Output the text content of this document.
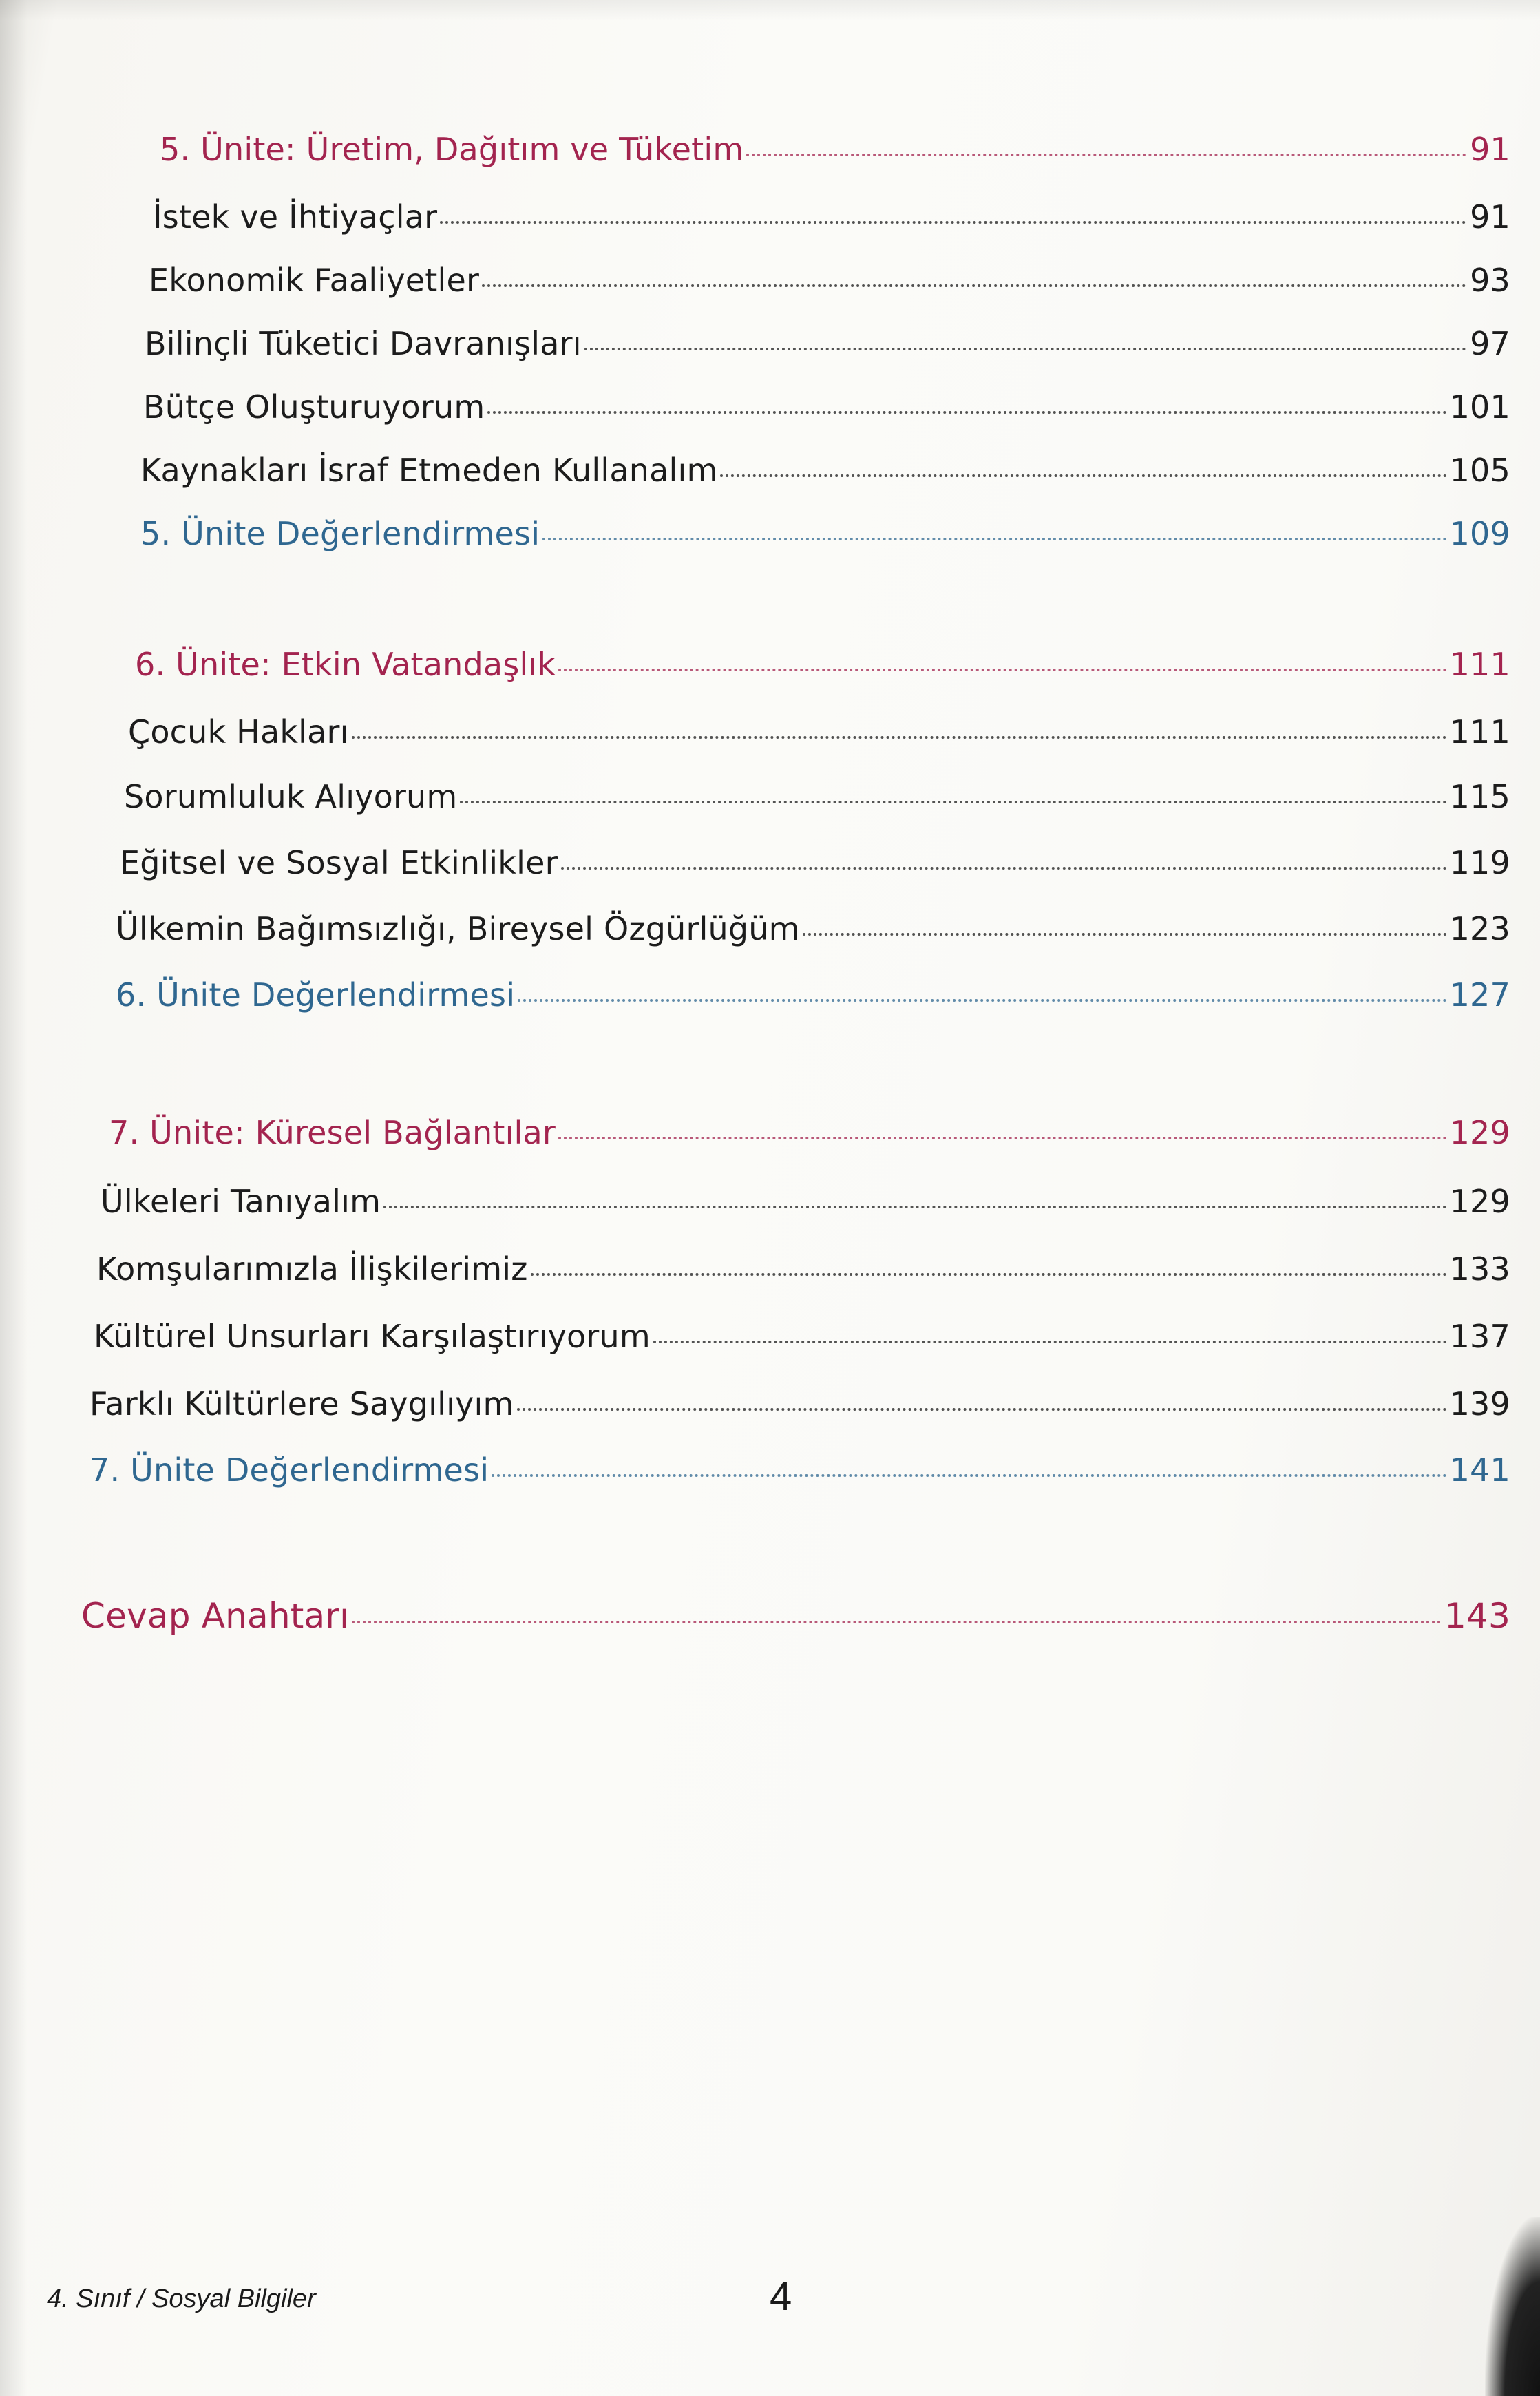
5. Ünite: Üretim, Dağıtım ve Tüketim	91
İstek ve İhtiyaçlar	91
Ekonomik Faaliyetler	93
Bilinçli Tüketici Davranışları	97
Bütçe Oluşturuyorum	101
Kaynakları İsraf Etmeden Kullanalım	105
5. Ünite Değerlendirmesi	109
6. Ünite: Etkin Vatandaşlık	111
Çocuk Hakları	111
Sorumluluk Alıyorum	115
Eğitsel ve Sosyal Etkinlikler	119
Ülkemin Bağımsızlığı, Bireysel Özgürlüğüm	123
6. Ünite Değerlendirmesi	127
7. Ünite: Küresel Bağlantılar	129
Ülkeleri Tanıyalım	129
Komşularımızla İlişkilerimiz	133
Kültürel Unsurları Karşılaştırıyorum	137
Farklı Kültürlere Saygılıyım	139
7. Ünite Değerlendirmesi	141
Cevap Anahtarı	143
4. Sınıf / Sosyal Bilgiler	4
